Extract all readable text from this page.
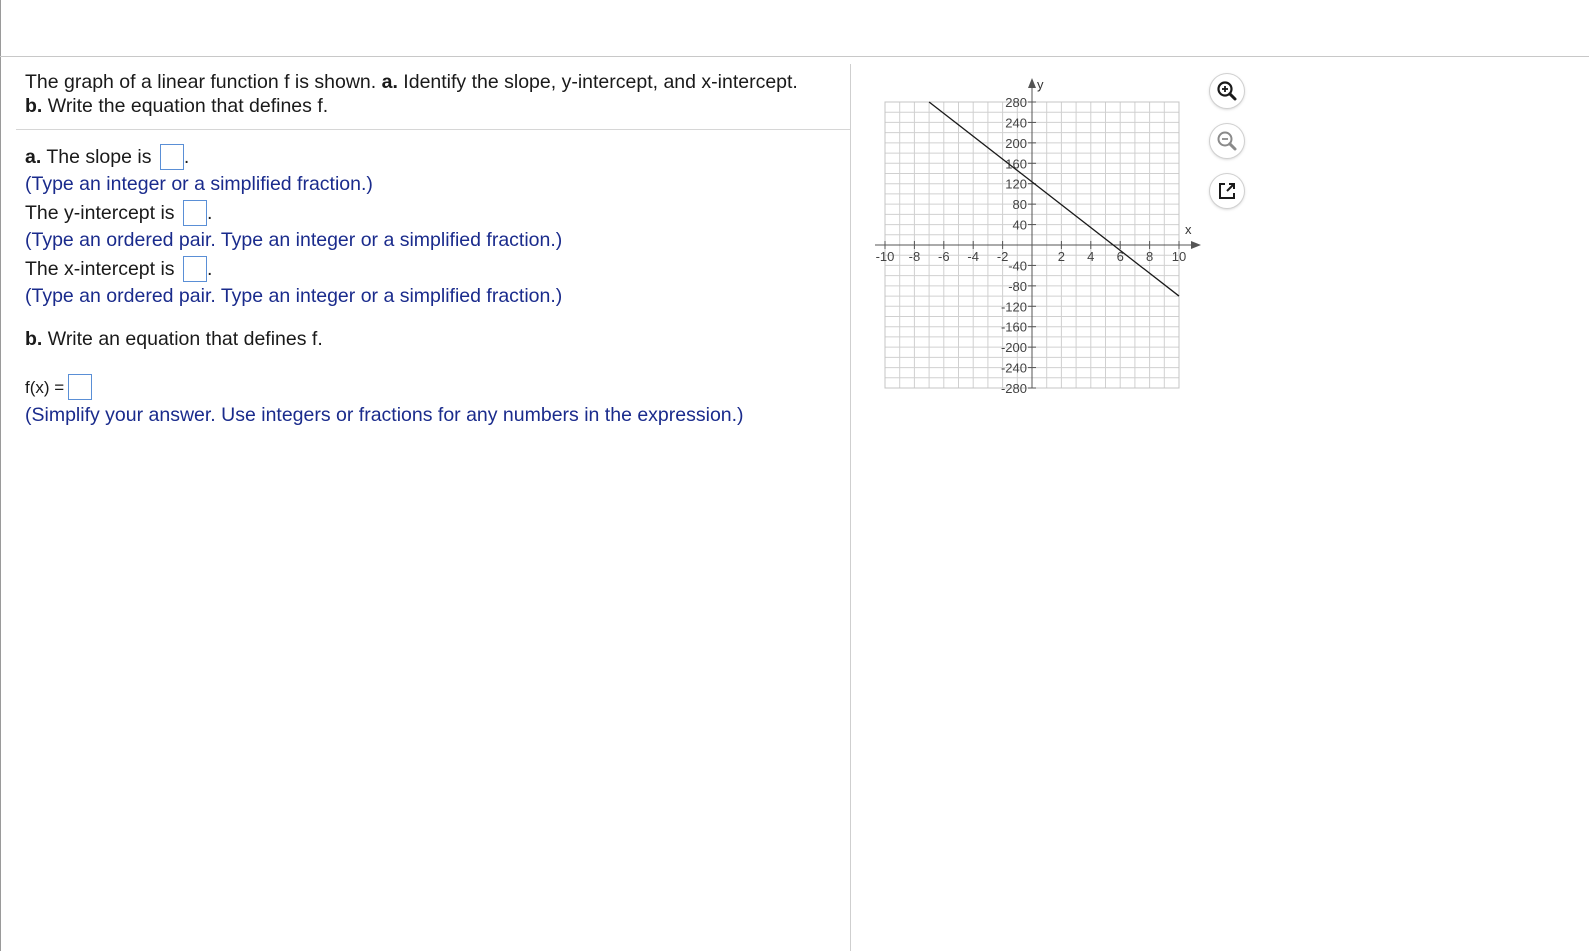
The graph of a linear function f is shown. a. Identify the slope, y-intercept, and x-intercept.
b. Write the equation that defines f.

a. The slope is .
(Type an integer or a simplified fraction.)
The y-intercept is .
(Type an ordered pair. Type an integer or a simplified fraction.)
The x-intercept is .
(Type an ordered pair. Type an integer or a simplified fraction.)
b. Write an equation that defines f.
f(x) =
(Simplify your answer. Use integers or fractions for any numbers in the expression.)
x
y
-10 -8 -6 -4 -2	2 4 6 8 10
280
240
200
160
120
80
40
-40
-80
-120
-160
-200
-240
-280
